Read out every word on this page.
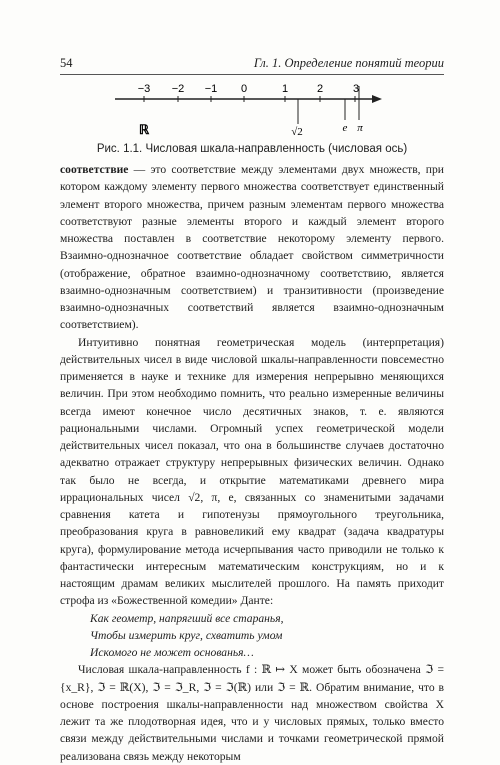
54	Гл. 1. Определение понятий теории
−3 −2 −1 0	1	2	3
ℝ	√2	e π
Рис. 1.1. Числовая шкала-направленность (числовая ось)

соответствие — это соответствие между элементами двух множеств, при котором каждому элементу первого множества соответствует единственный элемент второго множества, причем разным элементам первого множества соответствуют разные элементы второго и каждый элемент второго множества поставлен в соответствие некоторому элементу первого. Взаимно-однозначное соответствие обладает свойством симметричности (отображение, обратное взаимно-однозначному соответствию, является взаимно-однозначным соответствием) и транзитивности (произведение взаимно-однозначных соответствий является взаимно-однозначным соответствием).

Интуитивно понятная геометрическая модель (интерпретация) действительных чисел в виде числовой шкалы-направленности повсеместно применяется в науке и технике для измерения непрерывно меняющихся величин. При этом необходимо помнить, что реально измеренные величины всегда имеют конечное число десятичных знаков, т. е. являются рациональными числами. Огромный успех геометрической модели действительных чисел показал, что она в большинстве случаев достаточно адекватно отражает структуру непрерывных физических величин. Однако так было не всегда, и открытие математиками древнего мира иррациональных чисел √2, π, e, связанных со знаменитыми задачами сравнения катета и гипотенузы прямоугольного треугольника, преобразования круга в равновеликий ему квадрат (задача квадратуры круга), формулирование метода исчерпывания часто приводили не только к фантастически интересным математическим конструкциям, но и к настоящим драмам великих мыслителей прошлого. На память приходит строфа из «Божественной комедии» Данте:

Как геометр, напрягший все старанья,
Чтобы измерить круг, схватить умом
Искомого не может основанья…

Числовая шкала-направленность f : ℝ ↦ X может быть обозначена ℑ = {x_R}, ℑ = ℝ(X), ℑ = ℑ_R, ℑ = ℑ(ℝ) или ℑ = ℝ. Обратим внимание, что в основе построения шкалы-направленности над множеством свойства X лежит та же плодотворная идея, что и у числовых прямых, только вместо связи между действительными числами и точками геометрической прямой реализована связь между некоторым
